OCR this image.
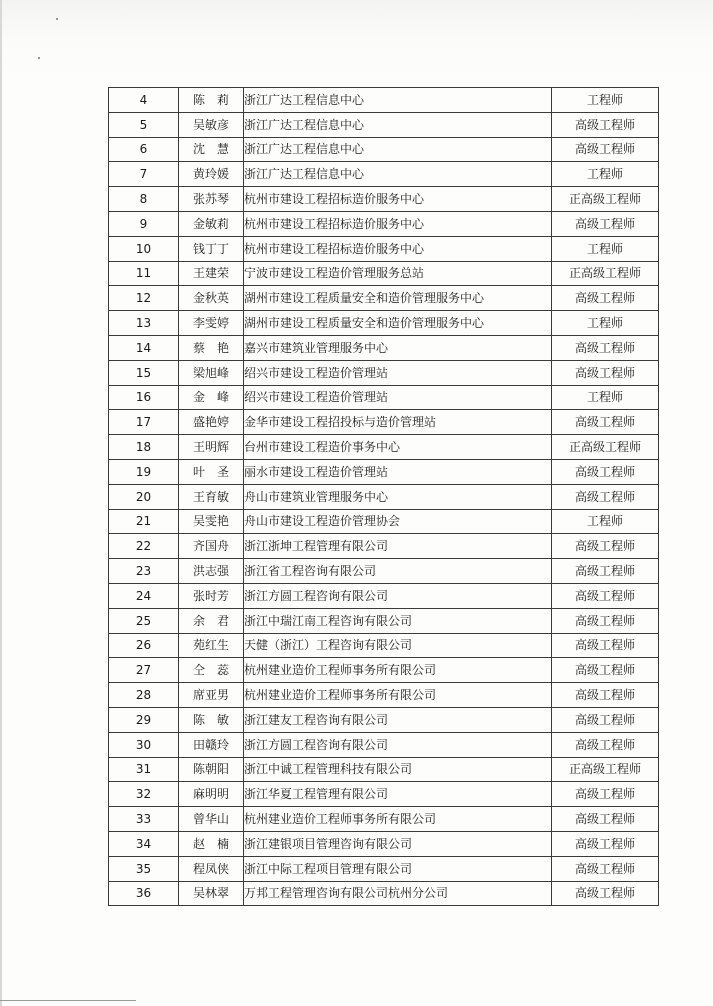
4	陈　莉	浙江广达工程信息中心	工程师
5	吴敏彦	浙江广达工程信息中心	高级工程师
6	沈　慧	浙江广达工程信息中心	高级工程师
7	黄玲媛	浙江广达工程信息中心	工程师
8	张苏琴	杭州市建设工程招标造价服务中心	正高级工程师
9	金敏莉	杭州市建设工程招标造价服务中心	高级工程师
10	钱丁丁	杭州市建设工程招标造价服务中心	工程师
11	王建荣	宁波市建设工程造价管理服务总站	正高级工程师
12	金秋英	湖州市建设工程质量安全和造价管理服务中心	高级工程师
13	李雯婷	湖州市建设工程质量安全和造价管理服务中心	工程师
14	蔡　艳	嘉兴市建筑业管理服务中心	高级工程师
15	梁旭峰	绍兴市建设工程造价管理站	高级工程师
16	金　峰	绍兴市建设工程造价管理站	工程师
17	盛艳婷	金华市建设工程招投标与造价管理站	高级工程师
18	王明辉	台州市建设工程造价事务中心	正高级工程师
19	叶　圣	丽水市建设工程造价管理站	高级工程师
20	王育敏	舟山市建筑业管理服务中心	高级工程师
21	吴雯艳	舟山市建设工程造价管理协会	工程师
22	齐国舟	浙江浙坤工程管理有限公司	高级工程师
23	洪志强	浙江省工程咨询有限公司	高级工程师
24	张时芳	浙江方圆工程咨询有限公司	高级工程师
25	余　君	浙江中瑞江南工程咨询有限公司	高级工程师
26	苑红生	天健（浙江）工程咨询有限公司	高级工程师
27	仝　蕊	杭州建业造价工程师事务所有限公司	高级工程师
28	席亚男	杭州建业造价工程师事务所有限公司	高级工程师
29	陈　敏	浙江建友工程咨询有限公司	高级工程师
30	田赣玲	浙江方圆工程咨询有限公司	高级工程师
31	陈朝阳	浙江中诚工程管理科技有限公司	正高级工程师
32	麻明明	浙江华夏工程管理有限公司	高级工程师
33	曾华山	杭州建业造价工程师事务所有限公司	高级工程师
34	赵　楠	浙江建银项目管理咨询有限公司	高级工程师
35	程凤侠	浙江中际工程项目管理有限公司	高级工程师
36	吴林翠	万邦工程管理咨询有限公司杭州分公司	高级工程师
